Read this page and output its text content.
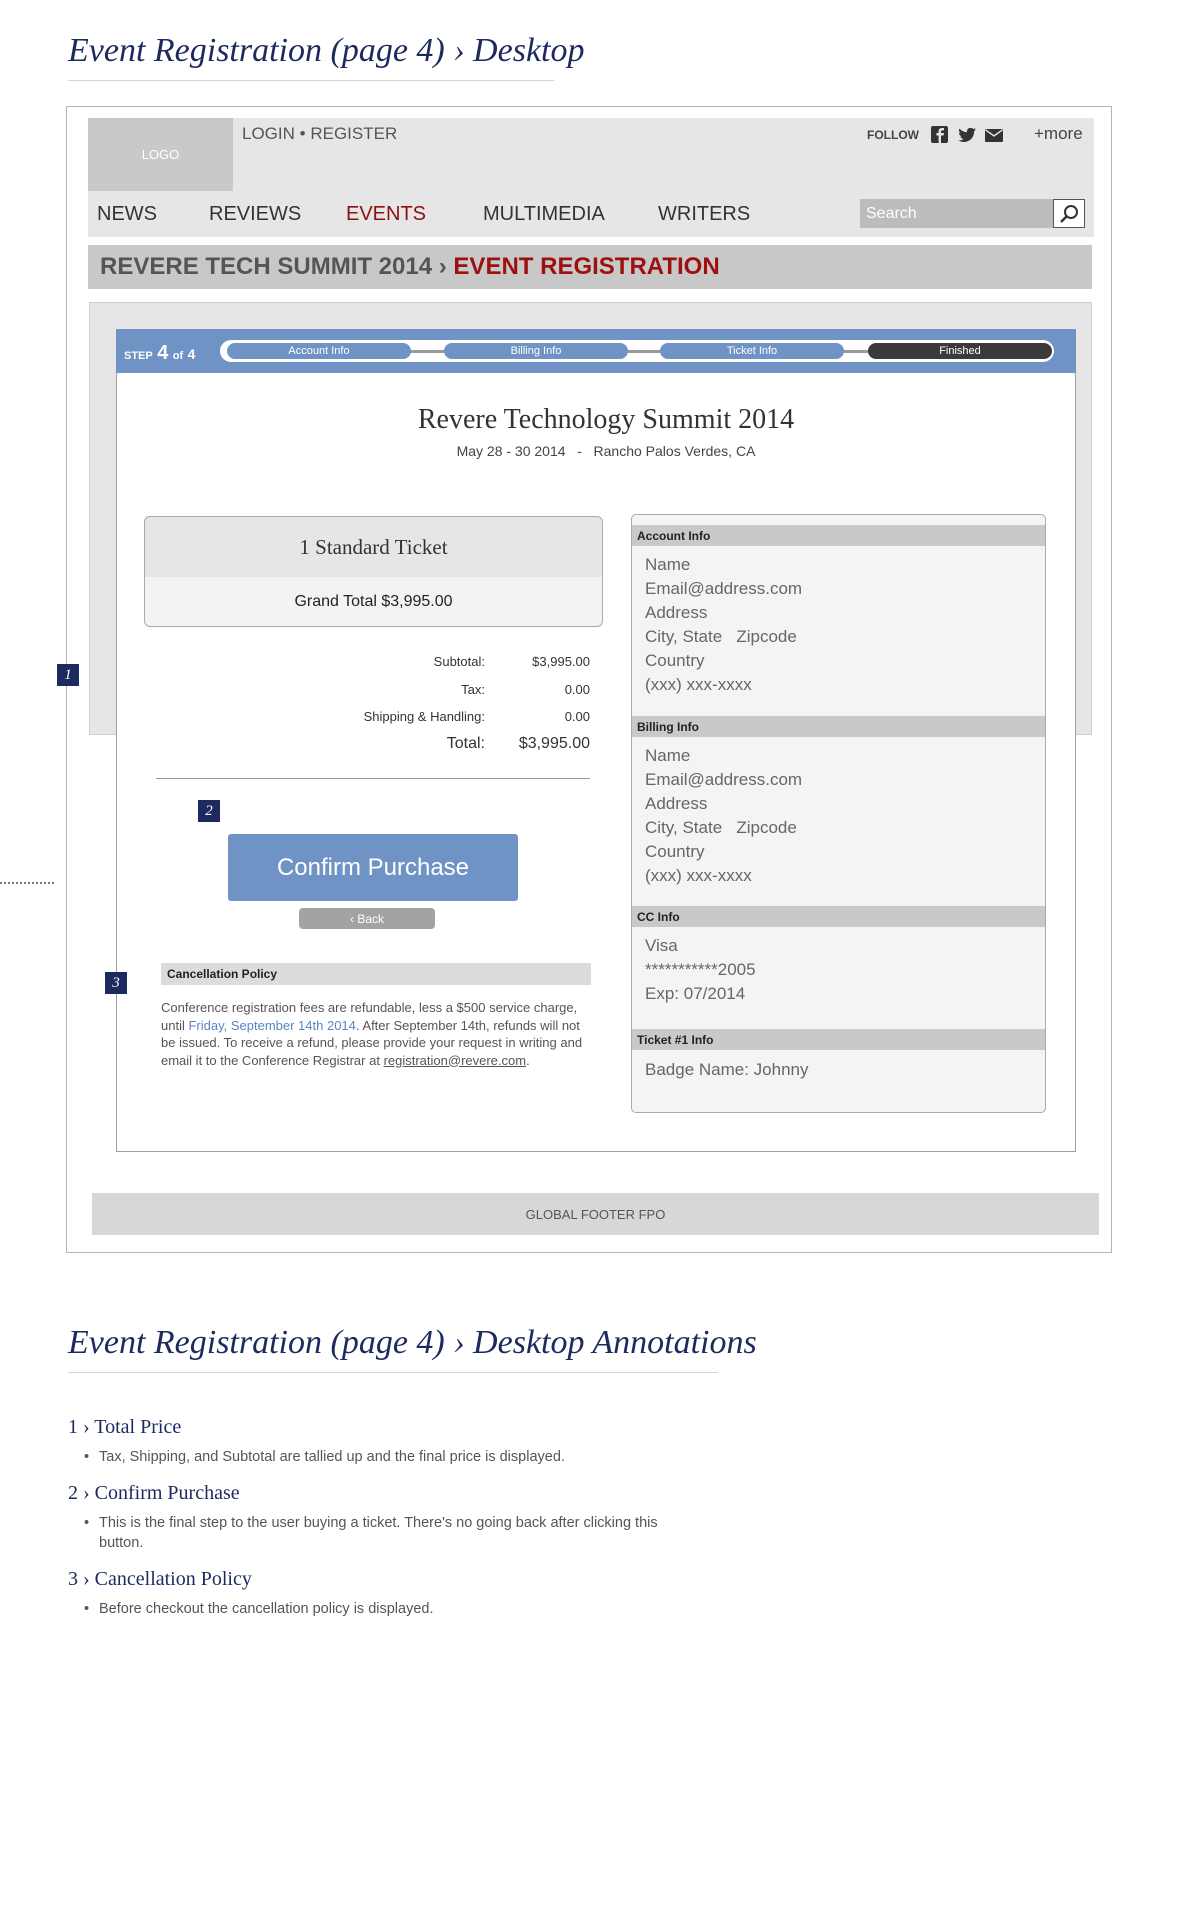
Event Registration (page 4) › Desktop
LOGO
LOGIN • REGISTER	FOLLOW	+more
NEWS	REVIEWS EVENTS	MULTIMEDIA	WRITERS
Search
REVERE TECH SUMMIT 2014 › EVENT REGISTRATION
STEP 4 of 4	Account Info	Billing Info	Ticket Info	Finished
Revere Technology Summit 2014
May 28 - 30 2014   -   Rancho Palos Verdes, CA
1 Standard Ticket
Grand Total $3,995.00
1
Subtotal:	$3,995.00
Tax:	0.00
Shipping & Handling:	0.00
Total:	$3,995.00
2
Confirm Purchase
‹ Back
3
Cancellation Policy
Conference registration fees are refundable, less a $500 service charge, until Friday, September 14th 2014. After September 14th, refunds will not be issued. To receive a refund, please provide your request in writing and email it to the Conference Registrar at registration@revere.com.
Account Info
Name
Email@address.com
Address
City, State   Zipcode
Country
(xxx) xxx-xxxx
Billing Info
Name
Email@address.com
Address
City, State   Zipcode
Country
(xxx) xxx-xxxx
CC Info
Visa
***********2005
Exp: 07/2014
Ticket #1 Info
Badge Name: Johnny
GLOBAL FOOTER FPO
Event Registration (page 4) › Desktop Annotations
1 › Total Price
• Tax, Shipping, and Subtotal are tallied up and the final price is displayed.
2 › Confirm Purchase
• This is the final step to the user buying a ticket. There's no going back after clicking this button.
3 › Cancellation Policy
• Before checkout the cancellation policy is displayed.
